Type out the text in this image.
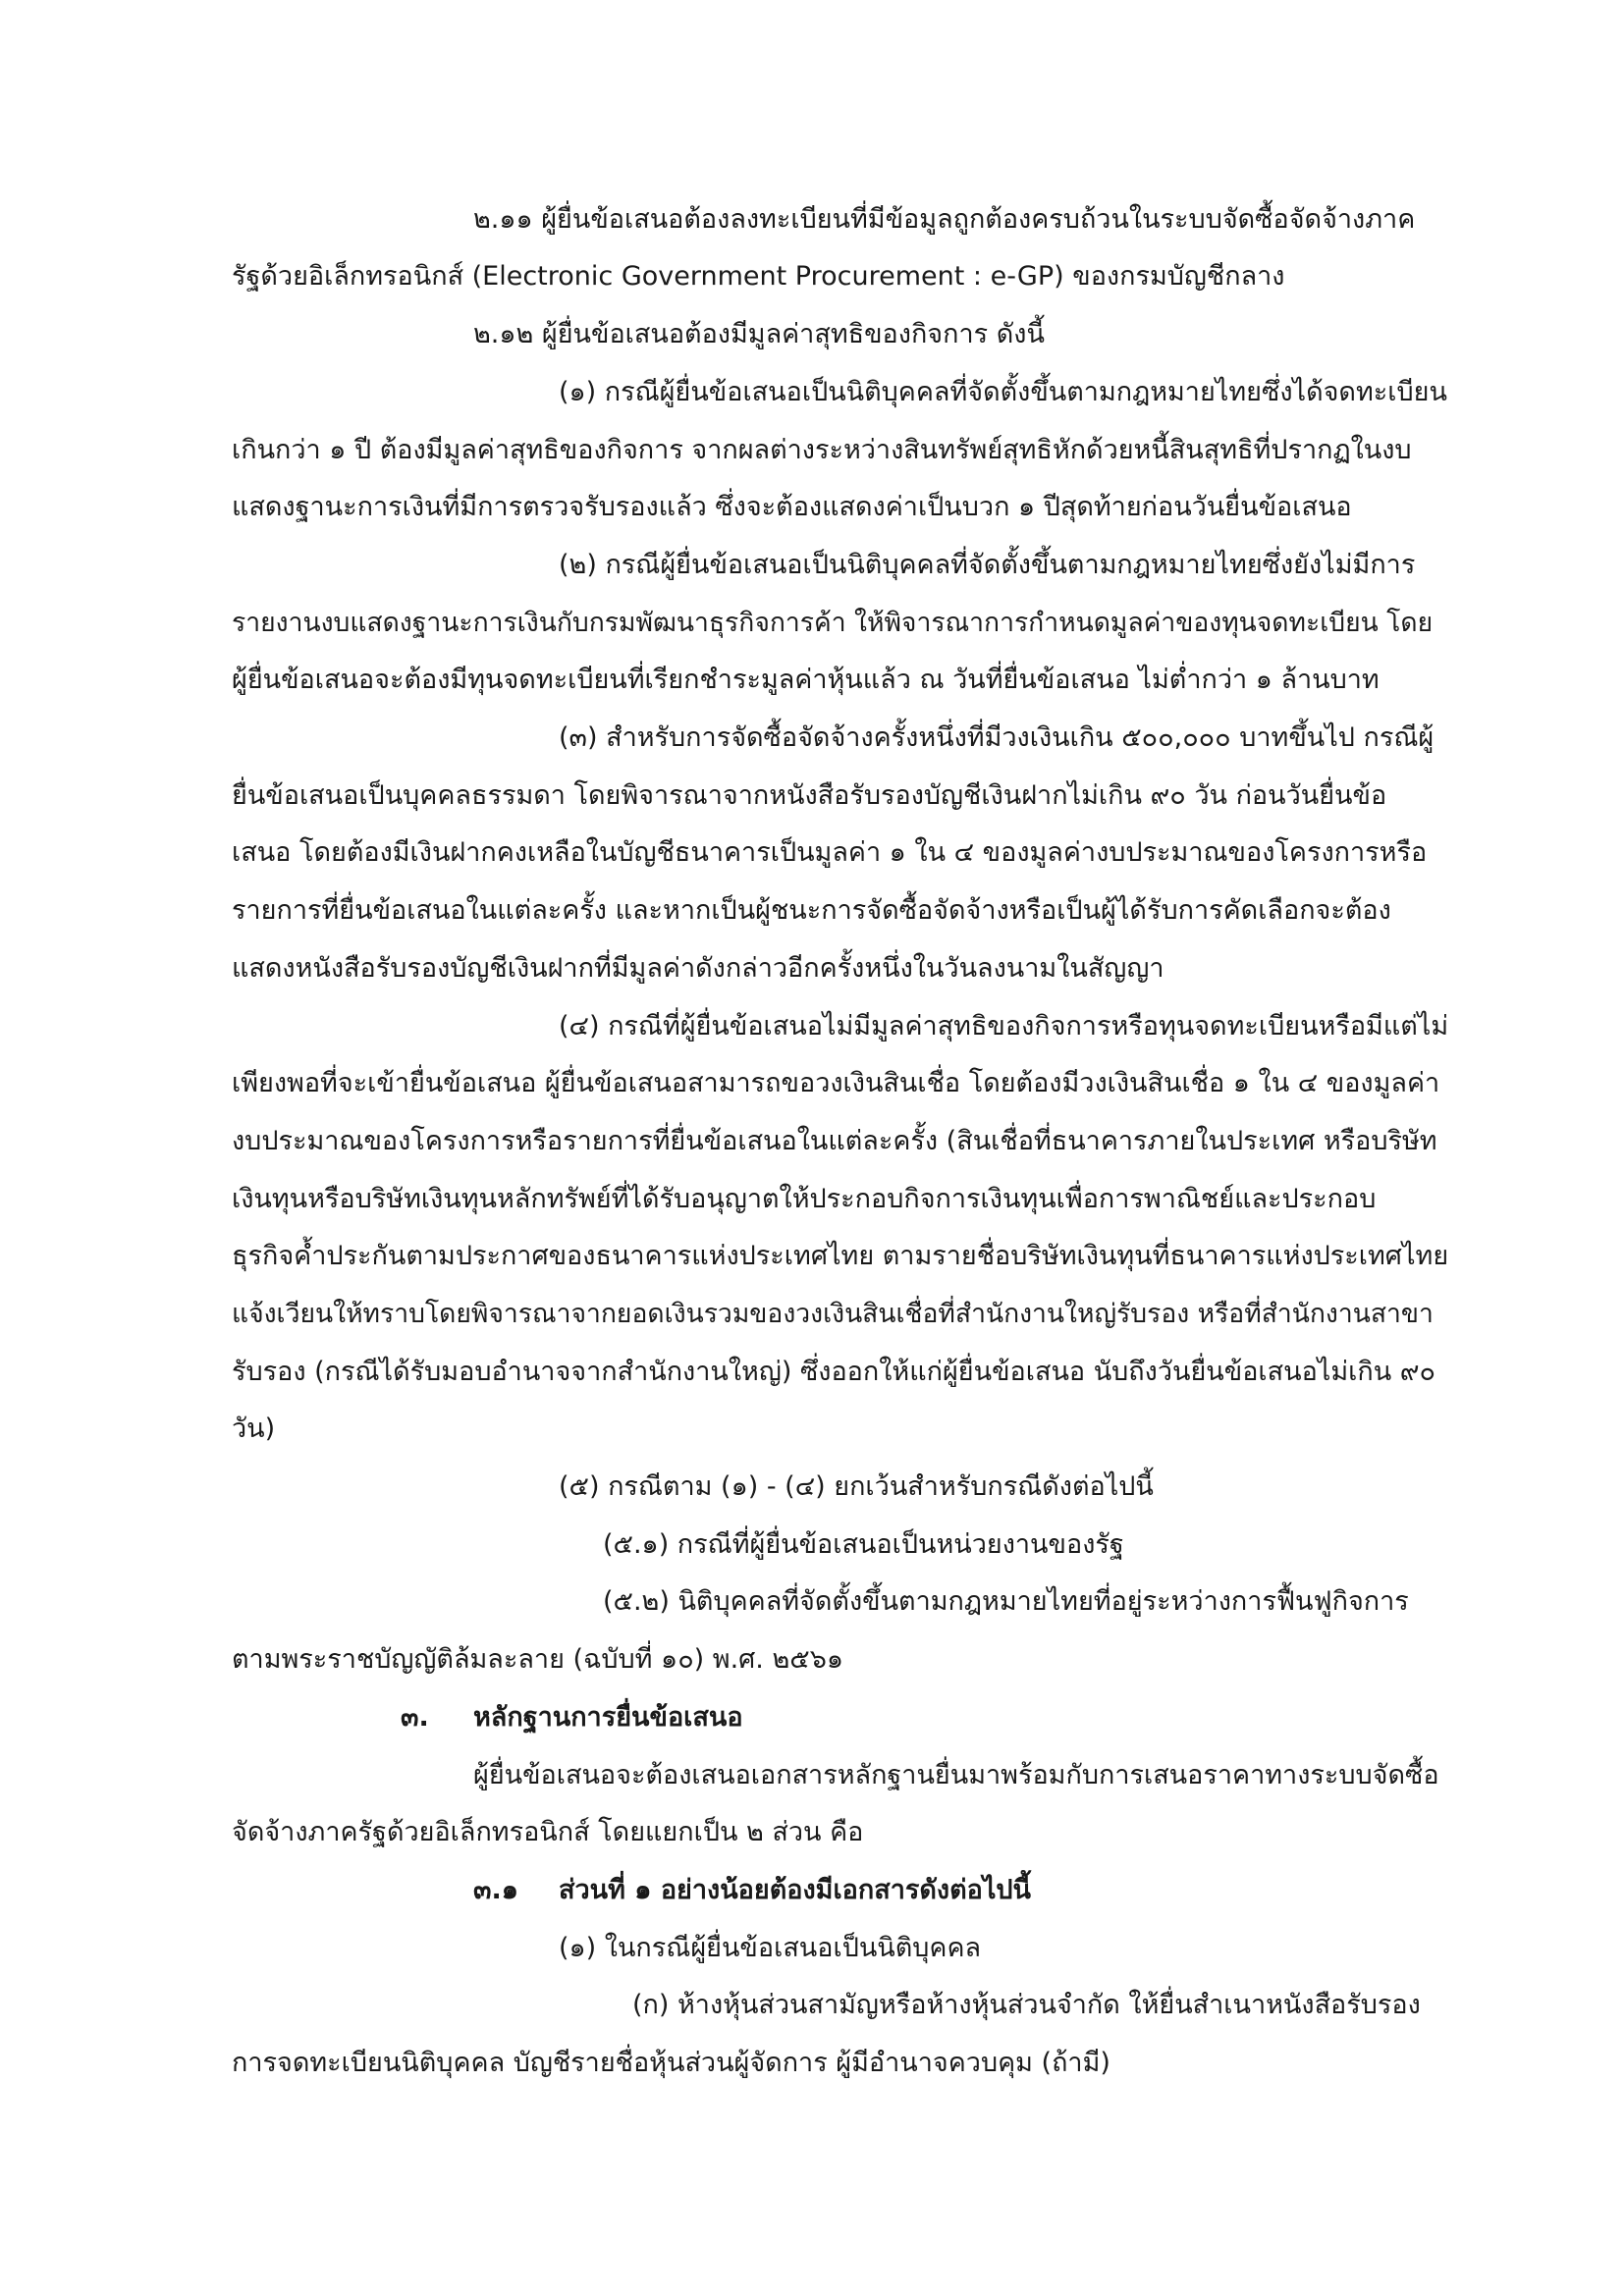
๒.๑๑ ผู้ยื่นข้อเสนอต้องลงทะเบียนที่มีข้อมูลถูกต้องครบถ้วนในระบบจัดซื้อจัดจ้างภาค
รัฐด้วยอิเล็กทรอนิกส์ (Electronic Government Procurement : e-GP) ของกรมบัญชีกลาง
๒.๑๒ ผู้ยื่นข้อเสนอต้องมีมูลค่าสุทธิของกิจการ ดังนี้
(๑) กรณีผู้ยื่นข้อเสนอเป็นนิติบุคคลที่จัดตั้งขึ้นตามกฎหมายไทยซึ่งได้จดทะเบียน
เกินกว่า ๑ ปี ต้องมีมูลค่าสุทธิของกิจการ จากผลต่างระหว่างสินทรัพย์สุทธิหักด้วยหนี้สินสุทธิที่ปรากฏในงบ
แสดงฐานะการเงินที่มีการตรวจรับรองแล้ว ซึ่งจะต้องแสดงค่าเป็นบวก ๑ ปีสุดท้ายก่อนวันยื่นข้อเสนอ
(๒) กรณีผู้ยื่นข้อเสนอเป็นนิติบุคคลที่จัดตั้งขึ้นตามกฎหมายไทยซึ่งยังไม่มีการ
รายงานงบแสดงฐานะการเงินกับกรมพัฒนาธุรกิจการค้า ให้พิจารณาการกำหนดมูลค่าของทุนจดทะเบียน โดย
ผู้ยื่นข้อเสนอจะต้องมีทุนจดทะเบียนที่เรียกชำระมูลค่าหุ้นแล้ว ณ วันที่ยื่นข้อเสนอ ไม่ต่ำกว่า ๑ ล้านบาท
(๓) สำหรับการจัดซื้อจัดจ้างครั้งหนึ่งที่มีวงเงินเกิน ๕๐๐,๐๐๐ บาทขึ้นไป กรณีผู้
ยื่นข้อเสนอเป็นบุคคลธรรมดา โดยพิจารณาจากหนังสือรับรองบัญชีเงินฝากไม่เกิน ๙๐ วัน ก่อนวันยื่นข้อ
เสนอ โดยต้องมีเงินฝากคงเหลือในบัญชีธนาคารเป็นมูลค่า ๑ ใน ๔ ของมูลค่างบประมาณของโครงการหรือ
รายการที่ยื่นข้อเสนอในแต่ละครั้ง และหากเป็นผู้ชนะการจัดซื้อจัดจ้างหรือเป็นผู้ได้รับการคัดเลือกจะต้อง
แสดงหนังสือรับรองบัญชีเงินฝากที่มีมูลค่าดังกล่าวอีกครั้งหนึ่งในวันลงนามในสัญญา
(๔) กรณีที่ผู้ยื่นข้อเสนอไม่มีมูลค่าสุทธิของกิจการหรือทุนจดทะเบียนหรือมีแต่ไม่
เพียงพอที่จะเข้ายื่นข้อเสนอ ผู้ยื่นข้อเสนอสามารถขอวงเงินสินเชื่อ โดยต้องมีวงเงินสินเชื่อ ๑ ใน ๔ ของมูลค่า
งบประมาณของโครงการหรือรายการที่ยื่นข้อเสนอในแต่ละครั้ง (สินเชื่อที่ธนาคารภายในประเทศ หรือบริษัท
เงินทุนหรือบริษัทเงินทุนหลักทรัพย์ที่ได้รับอนุญาตให้ประกอบกิจการเงินทุนเพื่อการพาณิชย์และประกอบ
ธุรกิจค้ำประกันตามประกาศของธนาคารแห่งประเทศไทย ตามรายชื่อบริษัทเงินทุนที่ธนาคารแห่งประเทศไทย
แจ้งเวียนให้ทราบโดยพิจารณาจากยอดเงินรวมของวงเงินสินเชื่อที่สำนักงานใหญ่รับรอง หรือที่สำนักงานสาขา
รับรอง (กรณีได้รับมอบอำนาจจากสำนักงานใหญ่) ซึ่งออกให้แก่ผู้ยื่นข้อเสนอ นับถึงวันยื่นข้อเสนอไม่เกิน ๙๐
วัน)
(๕) กรณีตาม (๑) - (๔) ยกเว้นสำหรับกรณีดังต่อไปนี้
(๕.๑) กรณีที่ผู้ยื่นข้อเสนอเป็นหน่วยงานของรัฐ
(๕.๒) นิติบุคคลที่จัดตั้งขึ้นตามกฎหมายไทยที่อยู่ระหว่างการฟื้นฟูกิจการ
ตามพระราชบัญญัติล้มละลาย (ฉบับที่ ๑๐) พ.ศ. ๒๕๖๑
๓. หลักฐานการยื่นข้อเสนอ
ผู้ยื่นข้อเสนอจะต้องเสนอเอกสารหลักฐานยื่นมาพร้อมกับการเสนอราคาทางระบบจัดซื้อ
จัดจ้างภาครัฐด้วยอิเล็กทรอนิกส์ โดยแยกเป็น ๒ ส่วน คือ
๓.๑ ส่วนที่ ๑ อย่างน้อยต้องมีเอกสารดังต่อไปนี้
(๑) ในกรณีผู้ยื่นข้อเสนอเป็นนิติบุคคล
(ก) ห้างหุ้นส่วนสามัญหรือห้างหุ้นส่วนจำกัด ให้ยื่นสำเนาหนังสือรับรอง
การจดทะเบียนนิติบุคคล บัญชีรายชื่อหุ้นส่วนผู้จัดการ ผู้มีอำนาจควบคุม (ถ้ามี)
